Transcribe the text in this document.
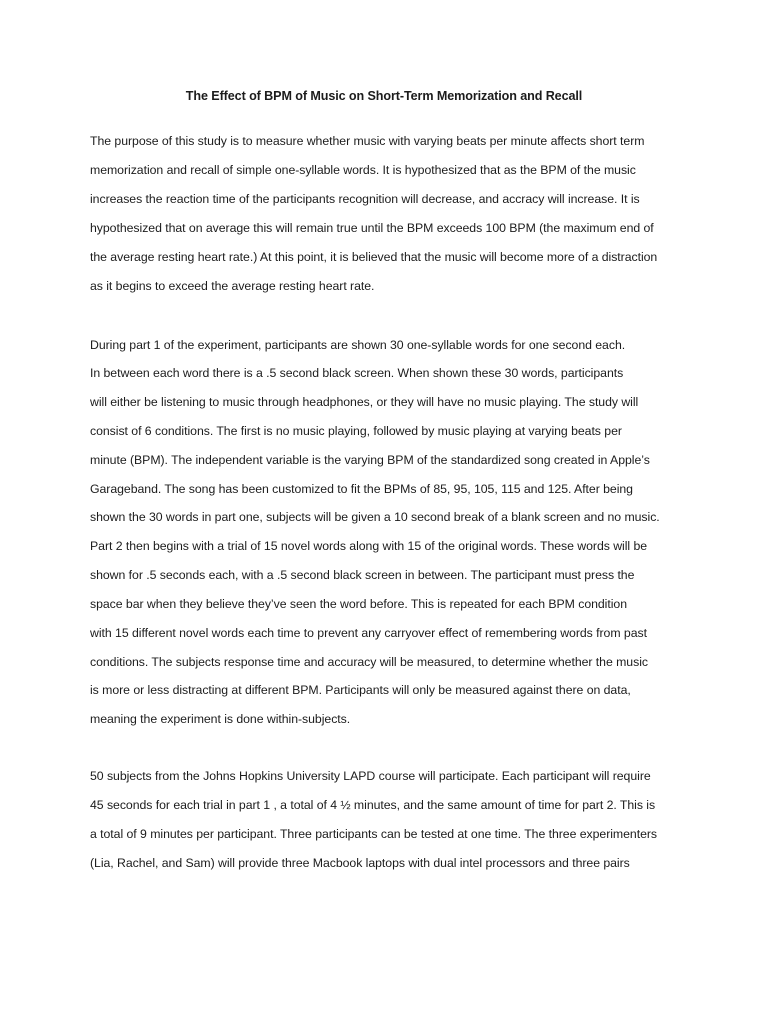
The Effect of BPM of Music on Short-Term Memorization and Recall
The purpose of this study is to measure whether music with varying beats per minute affects short term
memorization and recall of simple one-syllable words. It is hypothesized that as the BPM of the music
increases the reaction time of the participants recognition will decrease, and accracy will increase. It is
hypothesized that on average this will remain true until the BPM exceeds 100 BPM (the maximum end of
the average resting heart rate.) At this point, it is believed that the music will become more of a distraction
as it begins to exceed the average resting heart rate.
During part 1 of the experiment, participants are shown 30 one-syllable words for one second each.
In between each word there is a .5 second black screen. When shown these 30 words, participants
will either be listening to music through headphones, or they will have no music playing. The study will
consist of 6 conditions. The first is no music playing, followed by music playing at varying beats per
minute (BPM). The independent variable is the varying BPM of the standardized song created in Apple’s
Garageband. The song has been customized to fit the BPMs of 85, 95, 105, 115 and 125. After being
shown the 30 words in part one, subjects will be given a 10 second break of a blank screen and no music.
Part 2 then begins with a trial of 15 novel words along with 15 of the original words. These words will be
shown for .5 seconds each, with a .5 second black screen in between. The participant must press the
space bar when they believe they’ve seen the word before. This is repeated for each BPM condition
with 15 different novel words each time to prevent any carryover effect of remembering words from past
conditions. The subjects response time and accuracy will be measured, to determine whether the music
is more or less distracting at different BPM. Participants will only be measured against there on data,
meaning the experiment is done within-subjects.
50 subjects from the Johns Hopkins University LAPD course will participate. Each participant will require
45 seconds for each trial in part 1 , a total of 4 ½ minutes, and the same amount of time for part 2. This is
a total of 9 minutes per participant. Three participants can be tested at one time. The three experimenters
(Lia, Rachel, and Sam) will provide three Macbook laptops with dual intel processors and three pairs
